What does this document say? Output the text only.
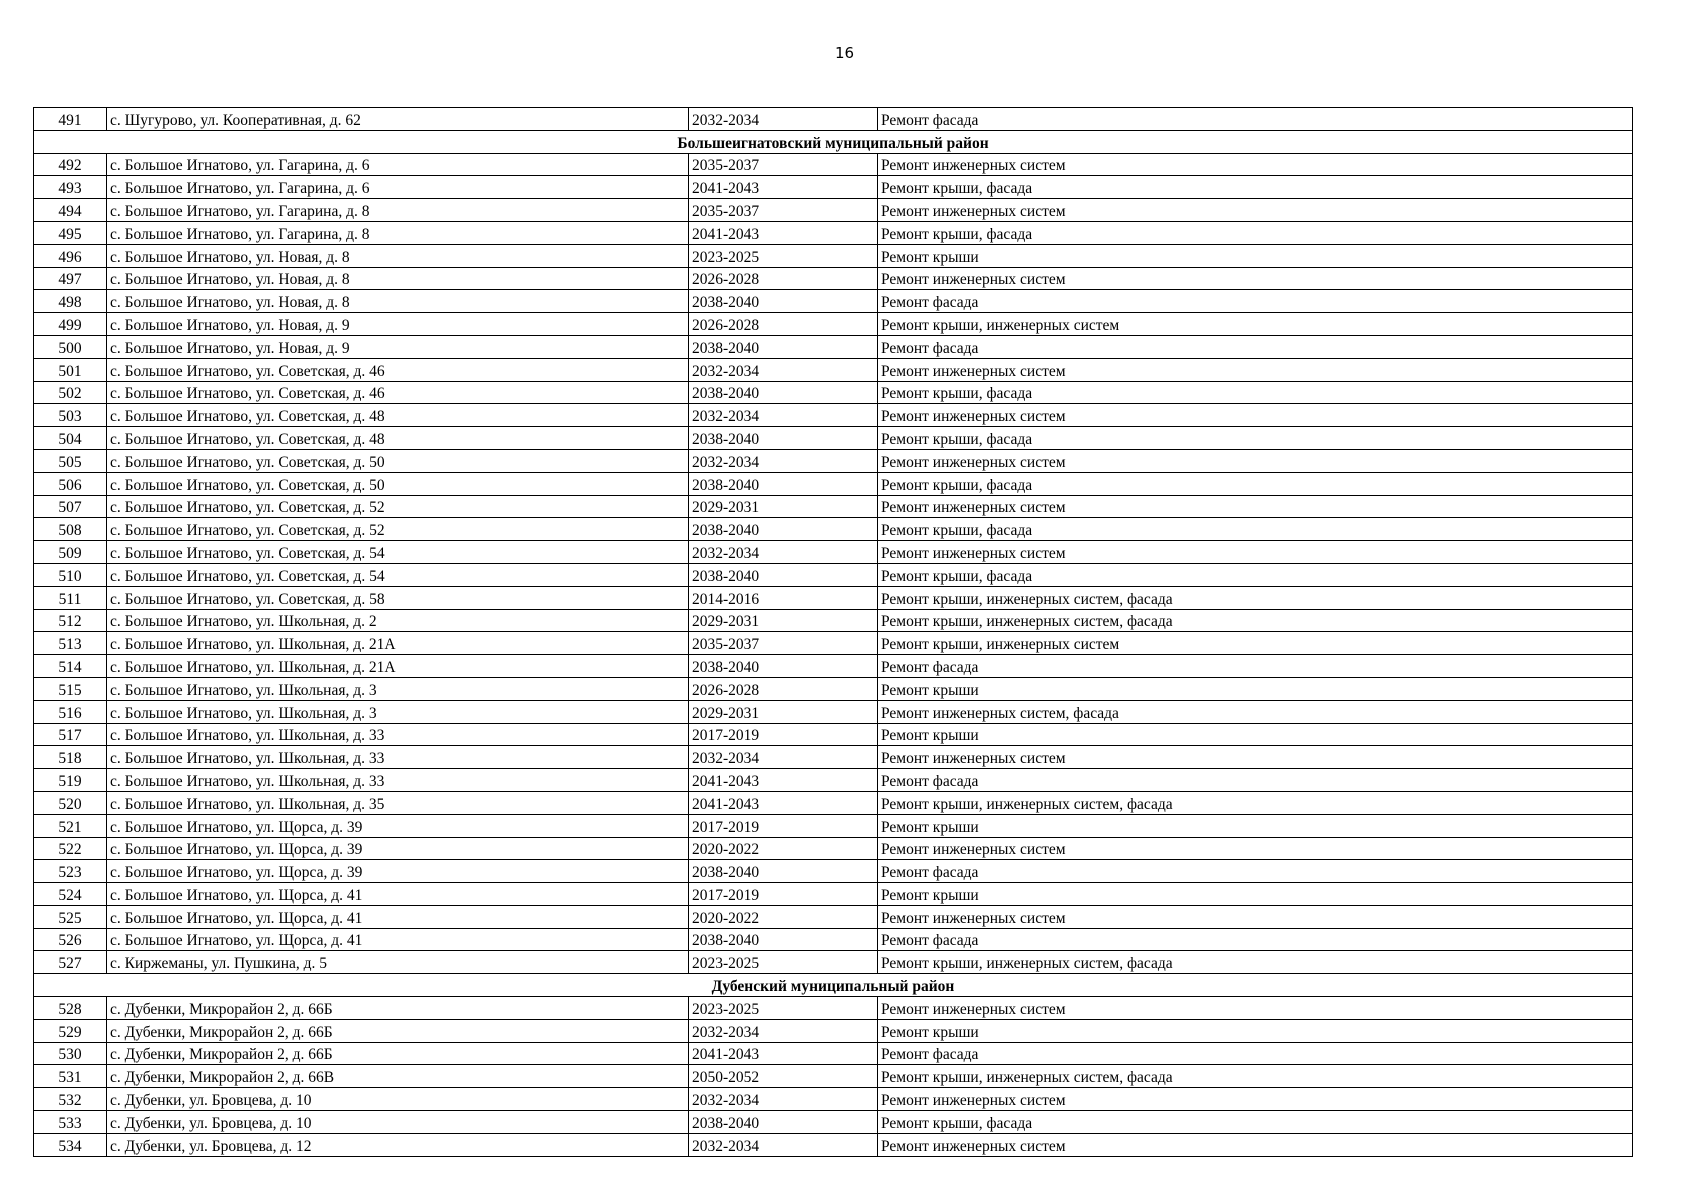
16
491	с. Шугурово, ул. Кооперативная, д. 62	2032-2034	Ремонт фасада
Большеигнатовский муниципальный район			
492	с. Большое Игнатово, ул. Гагарина, д. 6	2035-2037	Ремонт инженерных систем
493	с. Большое Игнатово, ул. Гагарина, д. 6	2041-2043	Ремонт крыши, фасада
494	с. Большое Игнатово, ул. Гагарина, д. 8	2035-2037	Ремонт инженерных систем
495	с. Большое Игнатово, ул. Гагарина, д. 8	2041-2043	Ремонт крыши, фасада
496	с. Большое Игнатово, ул. Новая, д. 8	2023-2025	Ремонт крыши
497	с. Большое Игнатово, ул. Новая, д. 8	2026-2028	Ремонт инженерных систем
498	с. Большое Игнатово, ул. Новая, д. 8	2038-2040	Ремонт фасада
499	с. Большое Игнатово, ул. Новая, д. 9	2026-2028	Ремонт крыши, инженерных систем
500	с. Большое Игнатово, ул. Новая, д. 9	2038-2040	Ремонт фасада
501	с. Большое Игнатово, ул. Советская, д. 46	2032-2034	Ремонт инженерных систем
502	с. Большое Игнатово, ул. Советская, д. 46	2038-2040	Ремонт крыши, фасада
503	с. Большое Игнатово, ул. Советская, д. 48	2032-2034	Ремонт инженерных систем
504	с. Большое Игнатово, ул. Советская, д. 48	2038-2040	Ремонт крыши, фасада
505	с. Большое Игнатово, ул. Советская, д. 50	2032-2034	Ремонт инженерных систем
506	с. Большое Игнатово, ул. Советская, д. 50	2038-2040	Ремонт крыши, фасада
507	с. Большое Игнатово, ул. Советская, д. 52	2029-2031	Ремонт инженерных систем
508	с. Большое Игнатово, ул. Советская, д. 52	2038-2040	Ремонт крыши, фасада
509	с. Большое Игнатово, ул. Советская, д. 54	2032-2034	Ремонт инженерных систем
510	с. Большое Игнатово, ул. Советская, д. 54	2038-2040	Ремонт крыши, фасада
511	с. Большое Игнатово, ул. Советская, д. 58	2014-2016	Ремонт крыши, инженерных систем, фасада
512	с. Большое Игнатово, ул. Школьная, д. 2	2029-2031	Ремонт крыши, инженерных систем, фасада
513	с. Большое Игнатово, ул. Школьная, д. 21А	2035-2037	Ремонт крыши, инженерных систем
514	с. Большое Игнатово, ул. Школьная, д. 21А	2038-2040	Ремонт фасада
515	с. Большое Игнатово, ул. Школьная, д. 3	2026-2028	Ремонт крыши
516	с. Большое Игнатово, ул. Школьная, д. 3	2029-2031	Ремонт инженерных систем, фасада
517	с. Большое Игнатово, ул. Школьная, д. 33	2017-2019	Ремонт крыши
518	с. Большое Игнатово, ул. Школьная, д. 33	2032-2034	Ремонт инженерных систем
519	с. Большое Игнатово, ул. Школьная, д. 33	2041-2043	Ремонт фасада
520	с. Большое Игнатово, ул. Школьная, д. 35	2041-2043	Ремонт крыши, инженерных систем, фасада
521	с. Большое Игнатово, ул. Щорса, д. 39	2017-2019	Ремонт крыши
522	с. Большое Игнатово, ул. Щорса, д. 39	2020-2022	Ремонт инженерных систем
523	с. Большое Игнатово, ул. Щорса, д. 39	2038-2040	Ремонт фасада
524	с. Большое Игнатово, ул. Щорса, д. 41	2017-2019	Ремонт крыши
525	с. Большое Игнатово, ул. Щорса, д. 41	2020-2022	Ремонт инженерных систем
526	с. Большое Игнатово, ул. Щорса, д. 41	2038-2040	Ремонт фасада
527	с. Киржеманы, ул. Пушкина, д. 5	2023-2025	Ремонт крыши, инженерных систем, фасада
Дубенский муниципальный район			
528	с. Дубенки, Микрорайон 2, д. 66Б	2023-2025	Ремонт инженерных систем
529	с. Дубенки, Микрорайон 2, д. 66Б	2032-2034	Ремонт крыши
530	с. Дубенки, Микрорайон 2, д. 66Б	2041-2043	Ремонт фасада
531	с. Дубенки, Микрорайон 2, д. 66В	2050-2052	Ремонт крыши, инженерных систем, фасада
532	с. Дубенки, ул. Бровцева, д. 10	2032-2034	Ремонт инженерных систем
533	с. Дубенки, ул. Бровцева, д. 10	2038-2040	Ремонт крыши, фасада
534	с. Дубенки, ул. Бровцева, д. 12	2032-2034	Ремонт инженерных систем
